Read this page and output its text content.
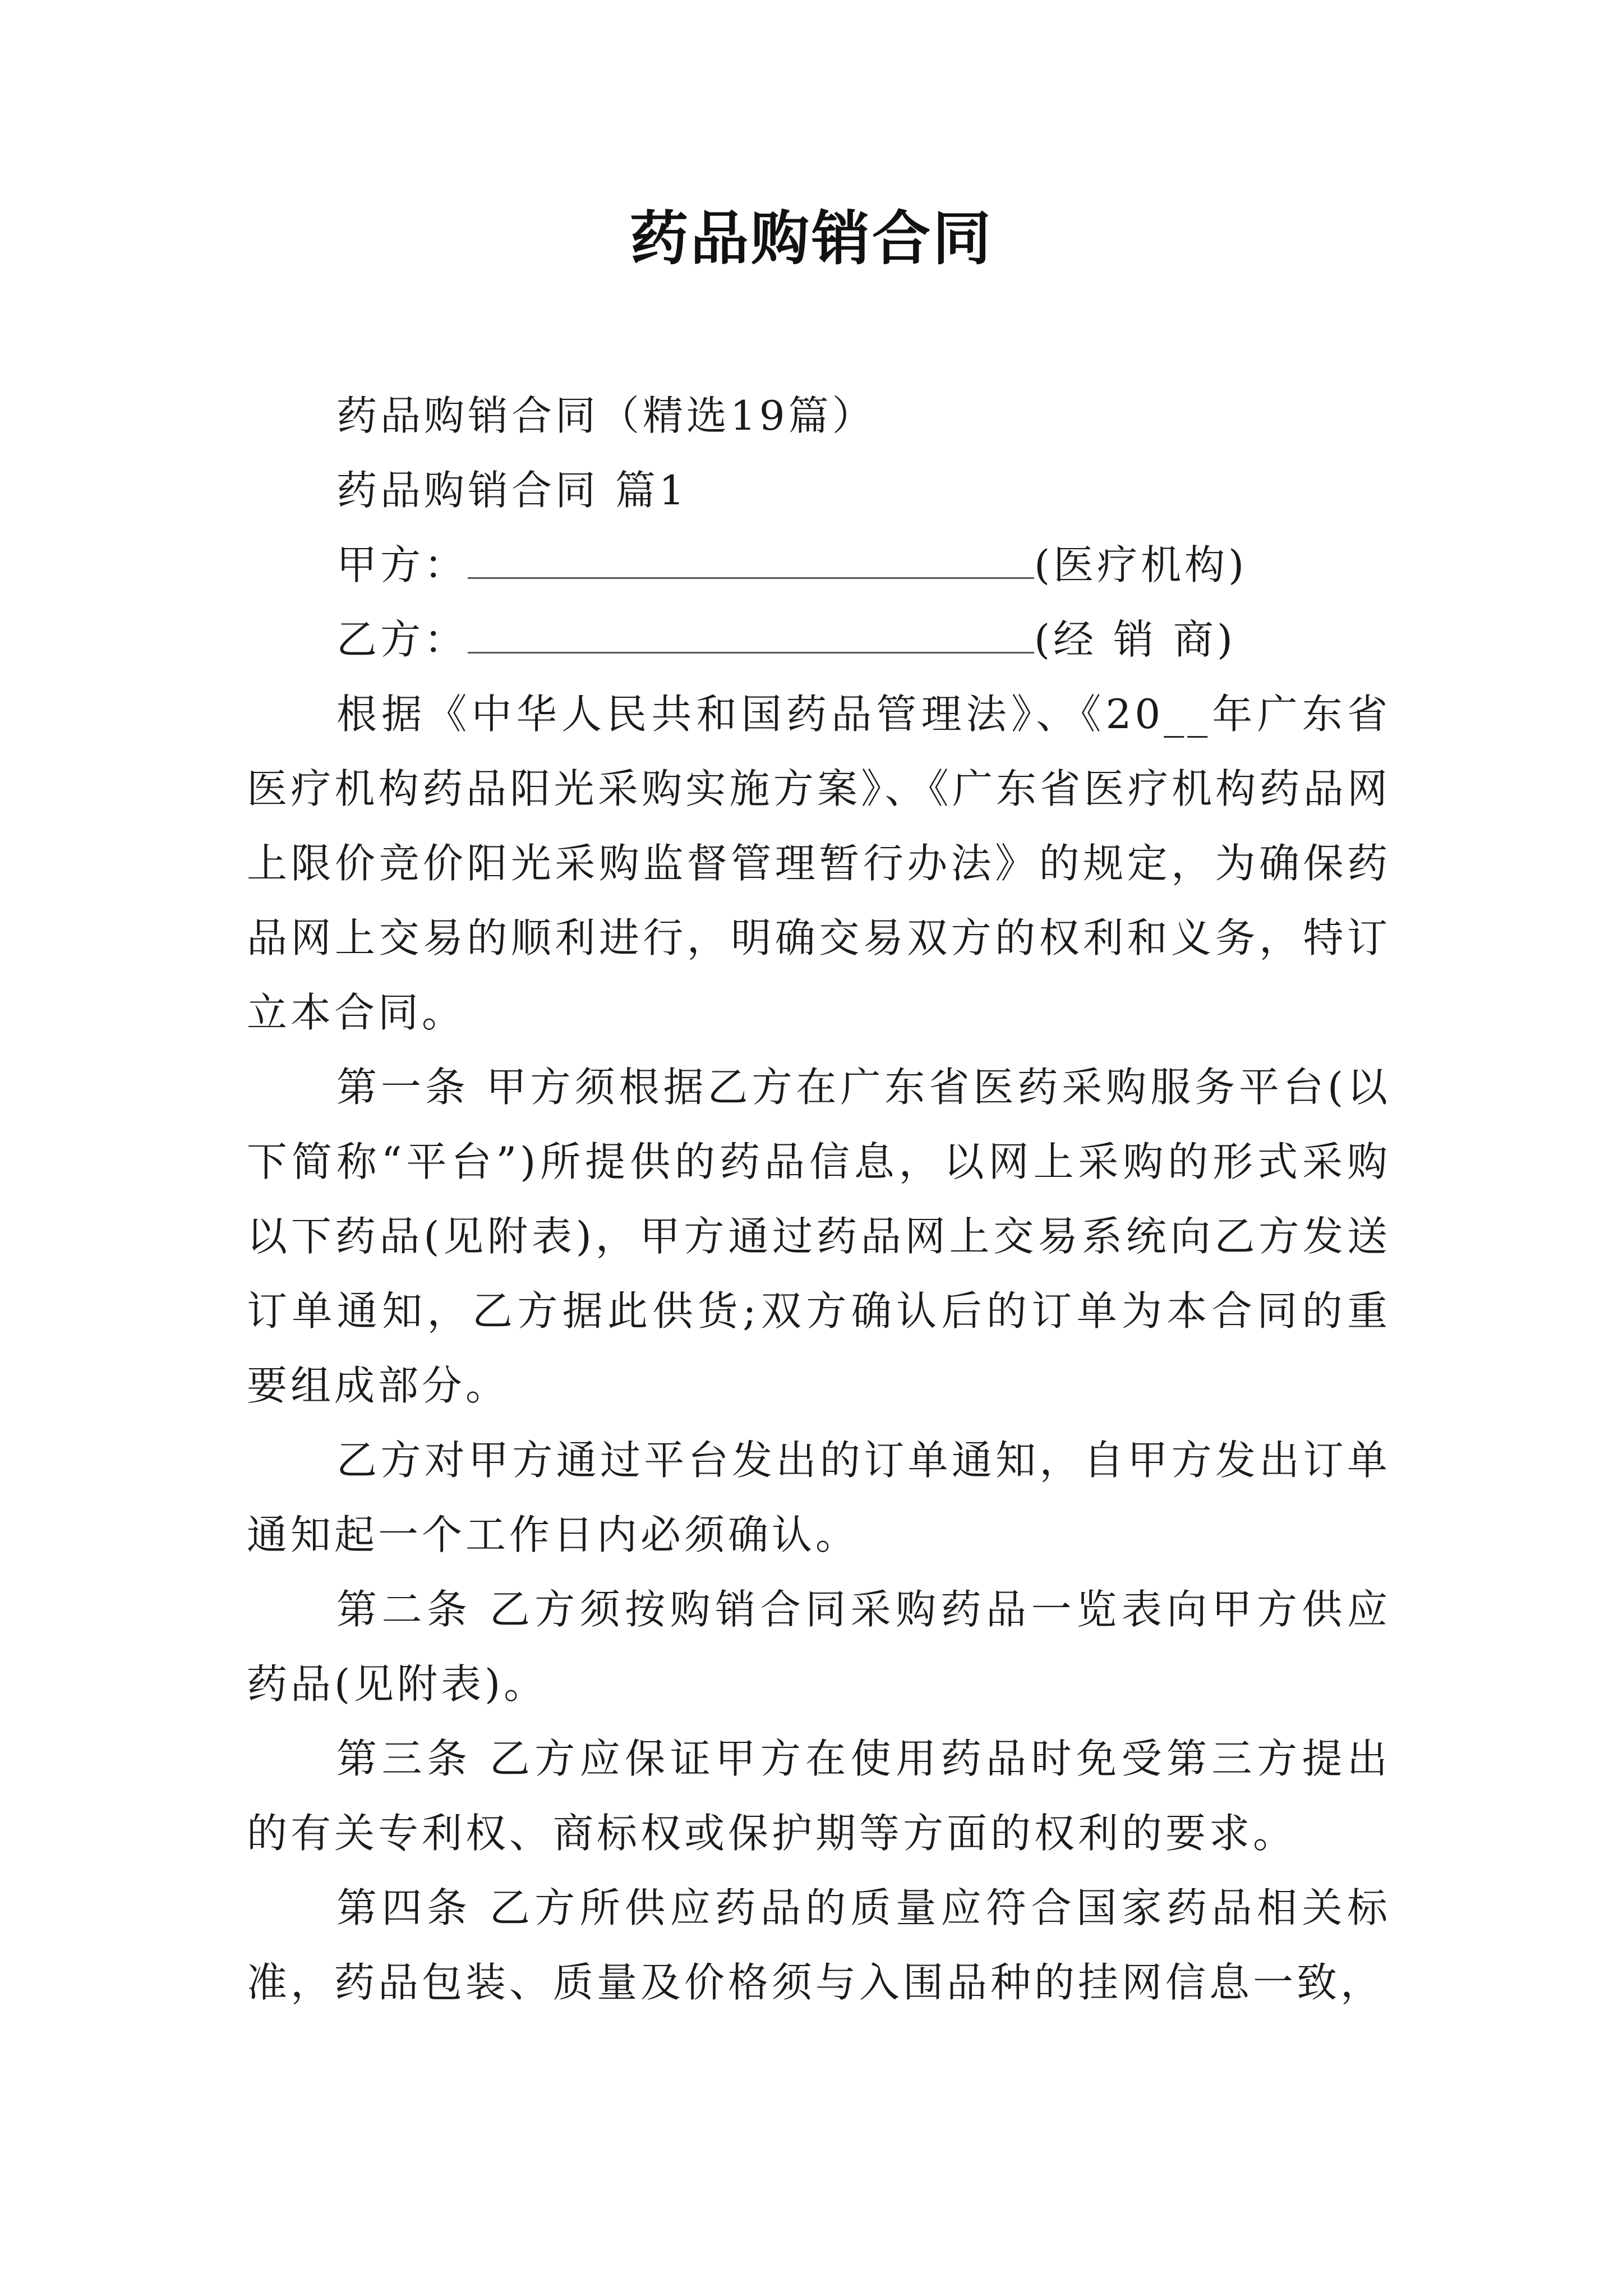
药品购销合同
药品购销合同（精选19篇）
药品购销合同 篇1
甲方：	(医疗机构)
乙方：	(经 销 商)
根据《中华人民共和国药品管理法》、《20__年广东省医疗机构药品阳光采购实施方案》、《广东省医疗机构药品网上限价竞价阳光采购监督管理暂行办法》的规定，为确保药品网上交易的顺利进行，明确交易双方的权利和义务，特订立本合同。
第一条 甲方须根据乙方在广东省医药采购服务平台(以下简称“平台”)所提供的药品信息，以网上采购的形式采购以下药品(见附表)，甲方通过药品网上交易系统向乙方发送订单通知，乙方据此供货;双方确认后的订单为本合同的重要组成部分。
乙方对甲方通过平台发出的订单通知，自甲方发出订单通知起一个工作日内必须确认。
第二条 乙方须按购销合同采购药品一览表向甲方供应药品(见附表)。
第三条 乙方应保证甲方在使用药品时免受第三方提出的有关专利权、商标权或保护期等方面的权利的要求。
第四条 乙方所供应药品的质量应符合国家药品相关标准，药品包装、质量及价格须与入围品种的挂网信息一致，
